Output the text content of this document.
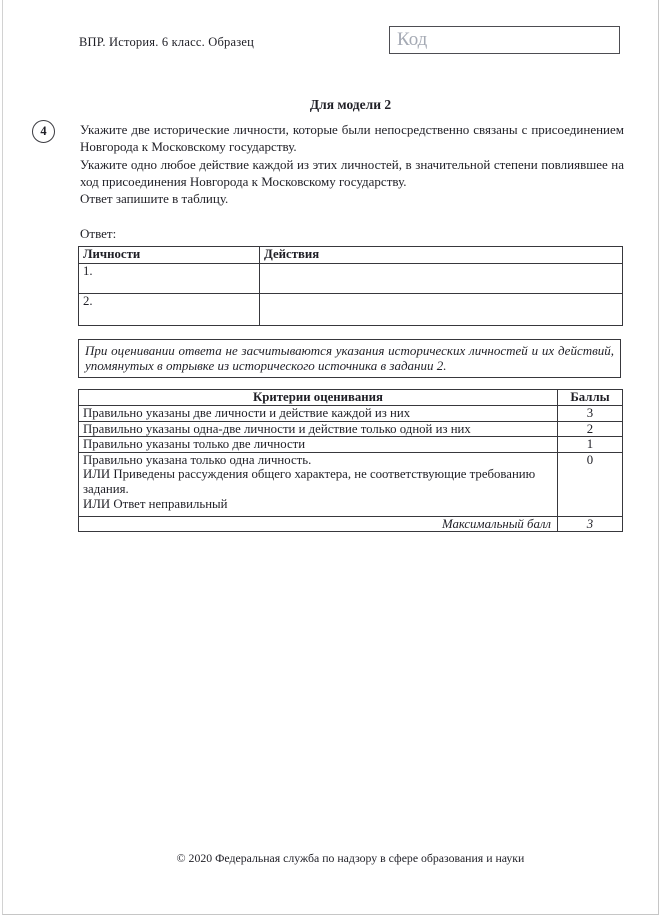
ВПР. История. 6 класс. Образец	Код
Для модели 2
4	Укажите две исторические личности, которые были непосредственно связаны с присоединением Новгорода к Московскому государству.

Укажите одно любое действие каждой из этих личностей, в значительной степени повлиявшее на ход присоединения Новгорода к Московскому государству.

Ответ запишите в таблицу.

Ответ:
Личности	Действия
1.	
2.	
При оценивании ответа не засчитываются указания исторических личностей и их действий, упомянутых в отрывке из исторического источника в задании 2.
Критерии оценивания	Баллы
Правильно указаны две личности и действие каждой из них	3
Правильно указаны одна-две личности и действие только одной из них	2
Правильно указаны только две личности	1

Правильно указана только одна личность.
ИЛИ Приведены рассуждения общего характера, не соответствующие требованию задания.
ИЛИ Ответ неправильный	0
Максимальный балл	3
© 2020 Федеральная служба по надзору в сфере образования и науки
